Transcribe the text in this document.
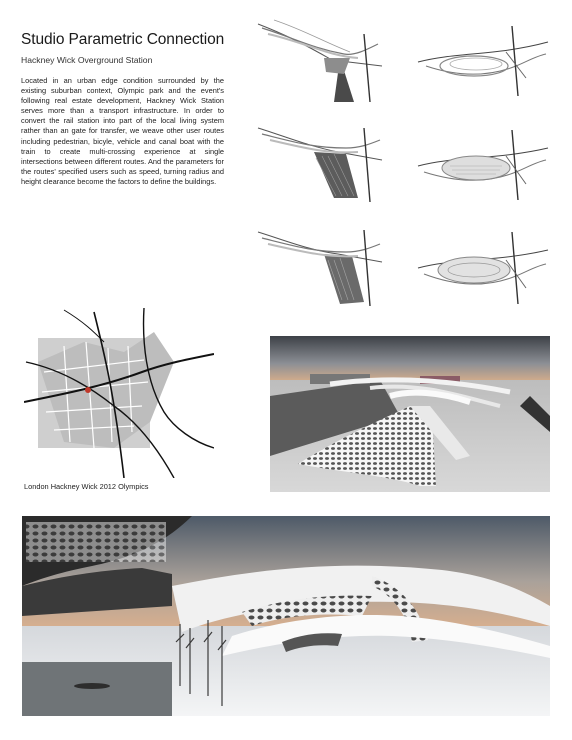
Studio Parametric Connection
Hackney Wick Overground Station
Located in an urban edge condition surrounded by the existing suburban context, Olympic park and the event's following real estate development, Hackney Wick Station serves more than a transport infrastructure. In order to convert the rail station into part of the local living system rather than an gate for transfer, we weave other user routes including pedestrian, bicyle, vehicle and canal boat with the train to create multi-crossing experience at single intersections between different routes. And the parameters for the routes' specified users such as speed, turning radius and height clearance become the factors to define the buildings.
London Hackney Wick 2012 Olympics
